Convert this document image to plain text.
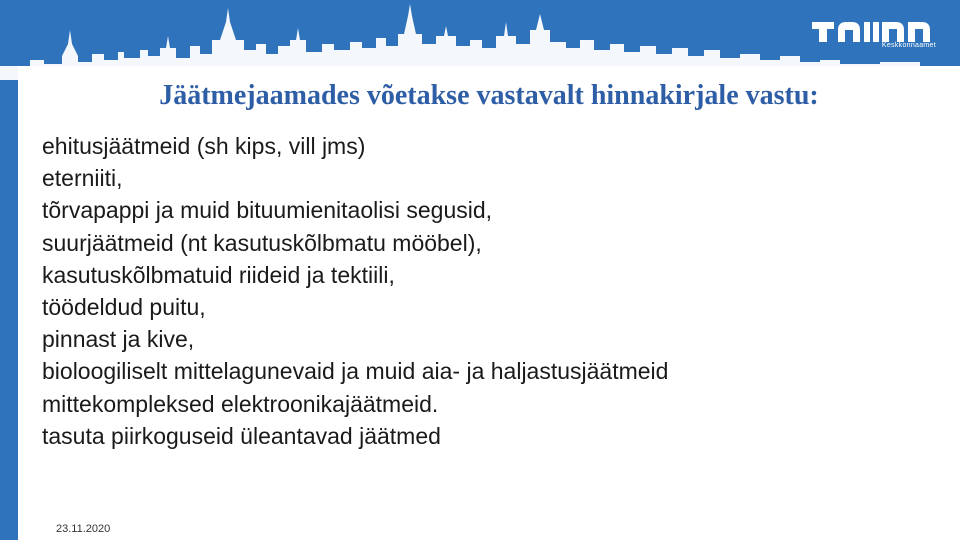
Keskkonnaamet
Jäätmejaamades võetakse vastavalt hinnakirjale vastu:
ehitusjäätmeid (sh kips, vill jms)
eterniiti,
tõrvapappi ja muid bituumienitaolisi segusid,
suurjäätmeid (nt kasutuskõlbmatu mööbel),
kasutuskõlbmatuid riideid ja tektiili,
töödeldud puitu,
pinnast ja kive,
bioloogiliselt mittelagunevaid ja muid aia- ja haljastusjäätmeid
mittekompleksed elektroonikajäätmeid.
tasuta piirkoguseid üleantavad jäätmed
23.11.2020
